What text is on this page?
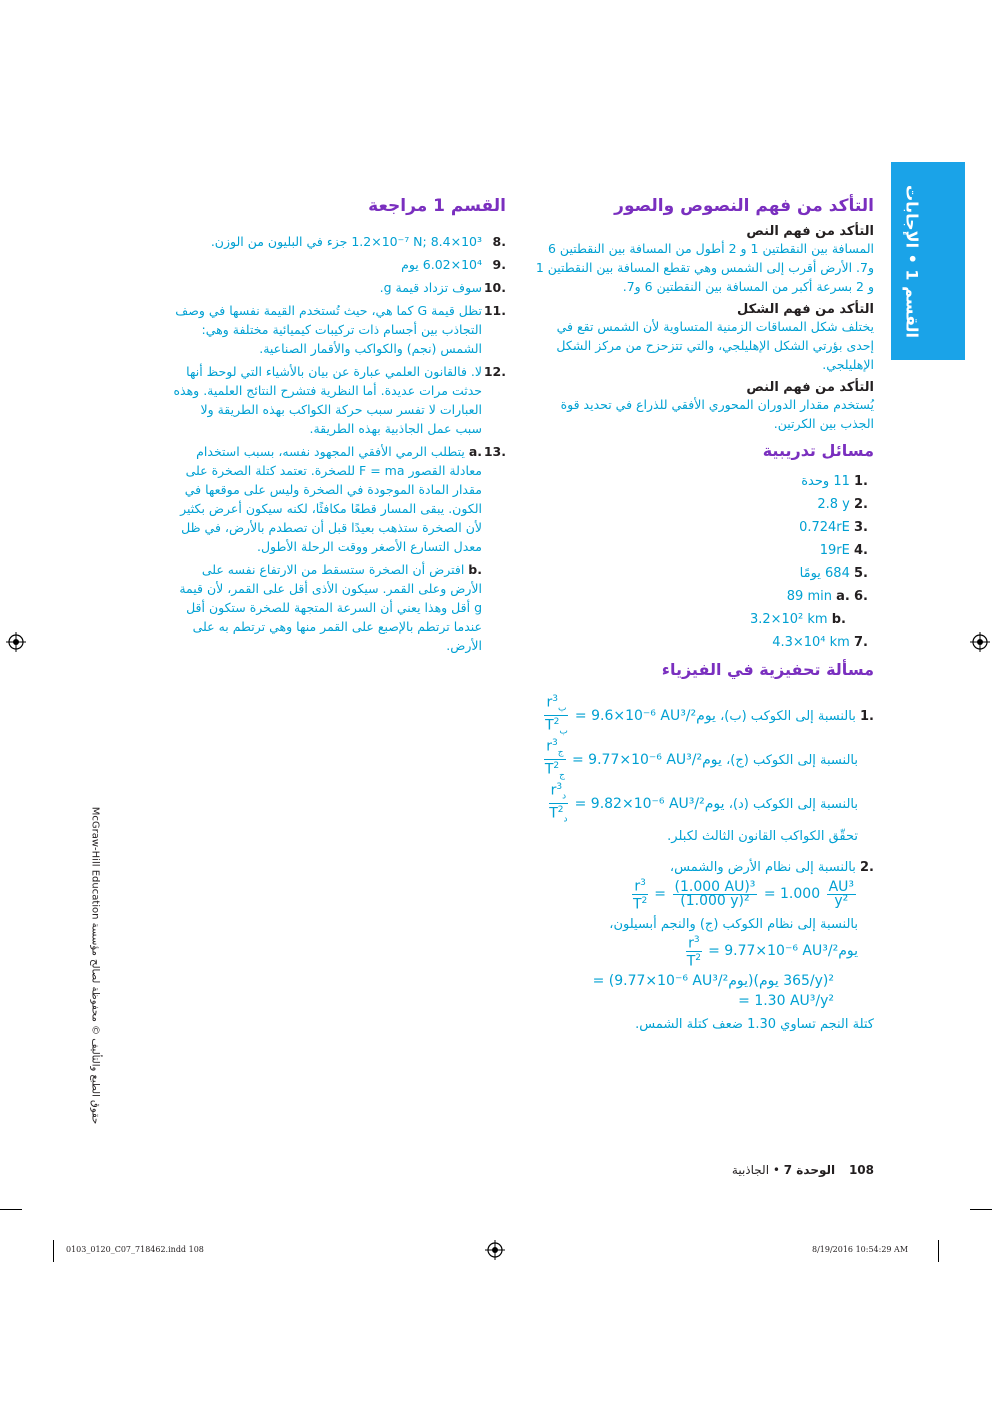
القسم 1 • الإجابات
التأكد من فهم النصوص والصور
التأكد من فهم النص
المسافة بين النقطتين 1 و 2 أطول من المسافة بين النقطتين 6 و7. الأرض أقرب إلى الشمس وهي تقطع المسافة بين النقطتين 1 و 2 بسرعة أكبر من المسافة بين النقطتين 6 و7.
التأكد من فهم الشكل
يختلف شكل المساقات الزمنية المتساوية لأن الشمس تقع في إحدى بؤرتي الشكل الإهليلجي، والتي تتزحزح من مركز الشكل الإهليلجي.
التأكد من فهم النص
يُستخدم مقدار الدوران المحوري الأفقي للذراع في تحديد قوة الجذب بين الكرتين.
مسائل تدريبية
.1 11 وحدة
.2 2.8 y
.3 0.724rE
.4 19rE
.5 684 يومًا
.6 .a 89 min
.b 3.2×10² km
.7 4.3×10⁴ km
مسألة تحفيزية في الفيزياء
.1 بالنسبة إلى الكوكب (ب)،
$\frac{r^3_ب}{T^2_ب} = 9.6\times 10^{-6}$ AU³/يوم²
بالنسبة إلى الكوكب (ج)،
$\frac{r^3_ج}{T^2_ج} = 9.77\times 10^{-6}$ AU³/يوم²
بالنسبة إلى الكوكب (د)،
$\frac{r^3_د}{T^2_د} = 9.82\times 10^{-6}$ AU³/يوم²
تحقّق الكواكب القانون الثالث لكبلر.
.2 بالنسبة إلى نظام الأرض والشمس،
$\frac{r^3}{T^2} = \frac{\text{(1.000 AU)³}}{\text{(1.000 y)²}} = 1.000 \frac{\text{AU³}}{\text{y²}}$
بالنسبة إلى نظام الكوكب (ج) والنجم أبسيلون،
$\frac{r^3}{T^2} = 9.77\times 10^{-6}$ AU³/يوم²
= (9.77×10⁻⁶ AU³/يوم²)(365 يوم/y)²
= 1.30 AU³/y²
كتلة النجم تساوي 1.30 ضعف كتلة الشمس.
القسم 1 مراجعة
.8
1.2×10⁻⁷ N; 8.4×10³ جزء في البليون من الوزن.
.9
6.02×10⁴ يوم
.10
سوف تزداد قيمة g.
.11
تظل قيمة G كما هي، حيث تُستخدم القيمة نفسها في وصف التجاذب بين أجسام ذات تركيبات كيميائية مختلفة وهي: الشمس (نجم) والكواكب والأقمار الصناعية.
.12
لا. فالقانون العلمي عبارة عن بيان بالأشياء التي لوحظ أنها حدثت مرات عديدة. أما النظرية فتشرح النتائج العلمية. وهذه العبارات لا تفسر سبب حركة الكواكب بهذه الطريقة ولا سبب عمل الجاذبية بهذه الطريقة.
.13
a. يتطلب الرمي الأفقي المجهود نفسه، بسبب استخدام معادلة القصور F = ma للصخرة. تعتمد كتلة الصخرة على مقدار المادة الموجودة في الصخرة وليس على موقعها في الكون. يبقى المسار قطعًا مكافئًا، لكنه سيكون أعرض بكثير لأن الصخرة ستذهب بعيدًا قبل أن تصطدم بالأرض، في ظل معدل التسارع الأصغر ووقت الرحلة الأطول.
b. افترض أن الصخرة ستسقط من الارتفاع نفسه على الأرض وعلى القمر. سيكون الأذى أقل على القمر، لأن قيمة g أقل وهذا يعني أن السرعة المتجهة للصخرة ستكون أقل عندما ترتطم بالإصبع على القمر منها وهي ترتطم به على الأرض.
حقوق الطبع والتأليف © محفوظة لصالح مؤسسة McGraw-Hill Education
108 الوحدة 7 • الجاذبية
0103_0120_C07_718462.indd 108	8/19/2016 10:54:29 AM
